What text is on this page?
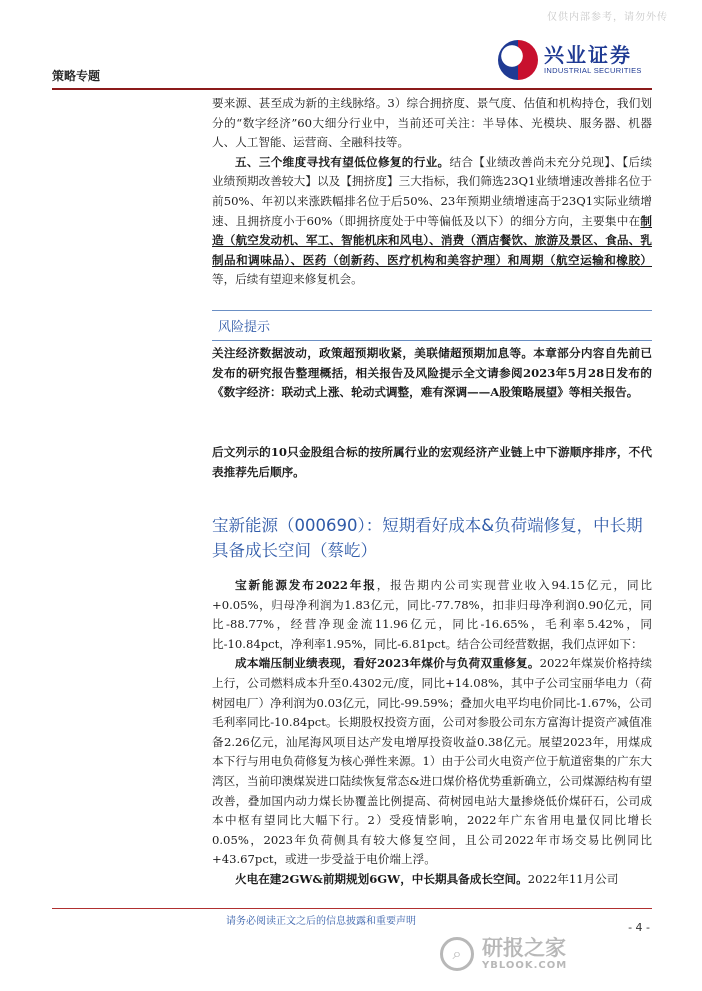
仅供内部参考，请勿外传
策略专题
兴业证券
INDUSTRIAL SECURITIES

要来源、甚至成为新的主线脉络。3）综合拥挤度、景气度、估值和机构持仓，我们划分的“数字经济”60大细分行业中，当前还可关注：半导体、光模块、服务器、机器人、人工智能、运营商、全融科技等。

五、三个维度寻找有望低位修复的行业。结合【业绩改善尚未充分兑现】、【后续业绩预期改善较大】以及【拥挤度】三大指标，我们筛选23Q1业绩增速改善排名位于前50%、年初以来涨跌幅排名位于后50%、23年预期业绩增速高于23Q1实际业绩增速、且拥挤度小于60%（即拥挤度处于中等偏低及以下）的细分方向，主要集中在制造（航空发动机、军工、智能机床和风电）、消费（酒店餐饮、旅游及景区、食品、乳制品和调味品）、医药（创新药、医疗机构和美容护理）和周期（航空运输和橡胶）等，后续有望迎来修复机会。

风险提示

关注经济数据波动，政策超预期收紧，美联储超预期加息等。本章部分内容自先前已发布的研究报告整理概括，相关报告及风险提示全文请参阅2023年5月28日发布的《数字经济：联动式上涨、轮动式调整，难有深调——A股策略展望》等相关报告。

后文列示的10只金股组合标的按所属行业的宏观经济产业链上中下游顺序排序，不代表推荐先后顺序。

宝新能源（000690）：短期看好成本&负荷端修复，中长期具备成长空间（蔡屹）

宝新能源发布2022年报，报告期内公司实现营业收入94.15亿元，同比+0.05%，归母净利润为1.83亿元，同比-77.78%，扣非归母净利润0.90亿元，同比-88.77%，经营净现金流11.96亿元，同比-16.65%，毛利率5.42%，同比-10.84pct，净利率1.95%，同比-6.81pct。结合公司经营数据，我们点评如下：

成本端压制业绩表现，看好2023年煤价与负荷双重修复。2022年煤炭价格持续上行，公司燃料成本升至0.4302元/度，同比+14.08%，其中子公司宝丽华电力（荷树园电厂）净利润为0.03亿元，同比-99.59%；叠加火电平均电价同比-1.67%，公司毛利率同比-10.84pct。长期股权投资方面，公司对参股公司东方富海计提资产减值准备2.26亿元，汕尾海风项目达产发电增厚投资收益0.38亿元。展望2023年，用煤成本下行与用电负荷修复为核心弹性来源。1）由于公司火电资产位于航道密集的广东大湾区，当前印澳煤炭进口陆续恢复常态&进口煤价格优势重新确立，公司煤源结构有望改善，叠加国内动力煤长协覆盖比例提高、荷树园电站大量掺烧低价煤矸石，公司成本中枢有望同比大幅下行。2）受疫情影响，2022年广东省用电量仅同比增长0.05%，2023年负荷侧具有较大修复空间，且公司2022年市场交易比例同比+43.67pct，或进一步受益于电价端上浮。

火电在建2GW&前期规划6GW，中长期具备成长空间。2022年11月公司

请务必阅读正文之后的信息披露和重要声明	- 4 -
⌕ 研报之家
YBLOOK.COM
